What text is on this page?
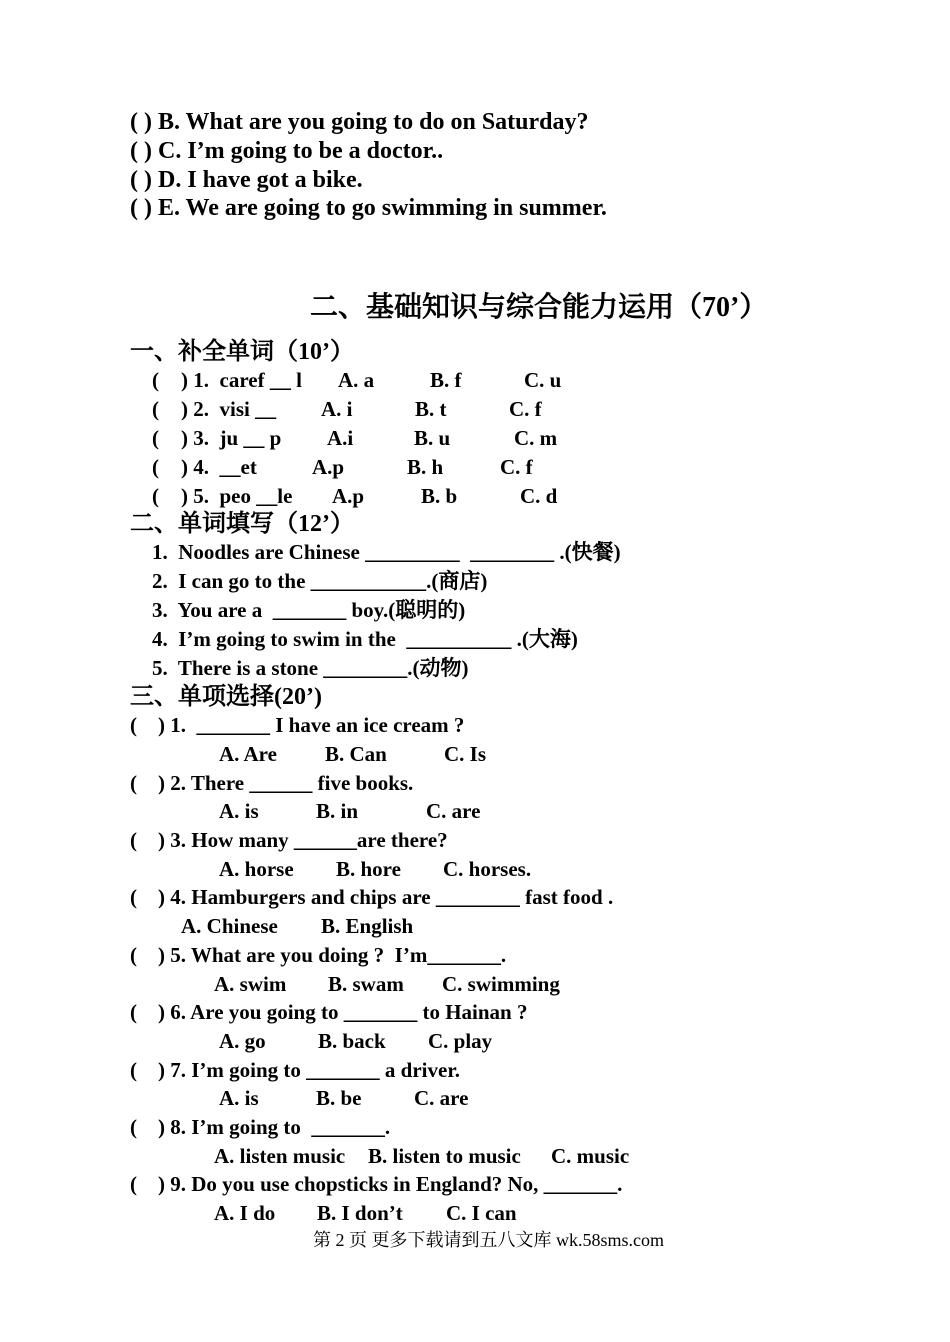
( ) B. What are you going to do on Saturday?
( ) C. I’m going to be a doctor..
( ) D. I have got a bike.
( ) E. We are going to go swimming in summer.
二、基础知识与综合能力运用（70’）
一、补全单词（10’）
( ) 1.  caref __ l A. a	B. f	C. u
( ) 2.  visi __ A. i	B. t	C. f
( ) 3.  ju __ p A.i	B. u	C. m
( ) 4.  __et	A.p	B. h	C. f
( ) 5.  peo __le A.p	B. b	C. d
二、单词填写（12’）
1.  Noodles are Chinese _________  ________ .(快餐)
2.  I can go to the ___________.(商店)
3.  You are a  _______ boy.(聪明的)
4.  I’m going to swim in the  __________ .(大海)
5.  There is a stone ________.(动物)
三、单项选择(20’)
( ) 1.  _______ I have an ice cream ?
A. Are B. Can	C. Is
( ) 2. There ______ five books.
A. is	B. in	C. are
( ) 3. How many ______are there?
A. horse B. hore C. horses.
( ) 4. Hamburgers and chips are ________ fast food .
A. Chinese B. English
( ) 5. What are you doing ?  I’m_______.
A. swim B. swam C. swimming
( ) 6. Are you going to _______ to Hainan ?
A. go B. back C. play
( ) 7. I’m going to _______ a driver.
A. is	B. be C. are
( ) 8. I’m going to  _______.
A. listen music B. listen to music C. music
( ) 9. Do you use chopsticks in England? No, _______.
A. I do B. I don’t C. I can
第 2 页 更多下载请到五八文库 wk.58sms.com
